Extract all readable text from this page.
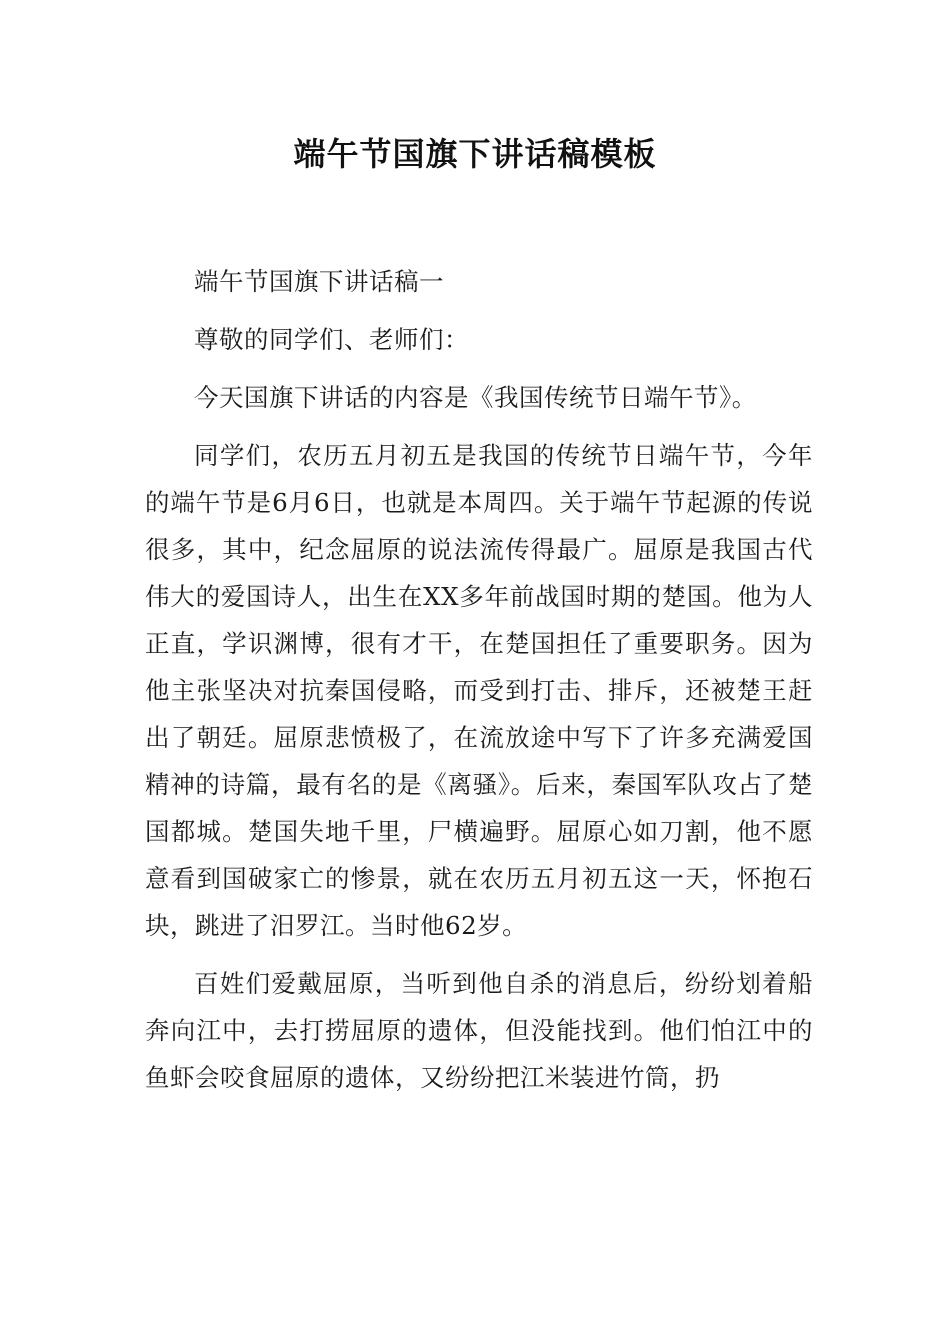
端午节国旗下讲话稿模板

端午节国旗下讲话稿一

尊敬的同学们、老师们：

今天国旗下讲话的内容是《我国传统节日端午节》。

同学们，农历五月初五是我国的传统节日端午节，今年的端午节是6月6日，也就是本周四。关于端午节起源的传说很多，其中，纪念屈原的说法流传得最广。屈原是我国古代伟大的爱国诗人，出生在XX多年前战国时期的楚国。他为人正直，学识渊博，很有才干，在楚国担任了重要职务。因为他主张坚决对抗秦国侵略，而受到打击、排斥，还被楚王赶出了朝廷。屈原悲愤极了，在流放途中写下了许多充满爱国精神的诗篇，最有名的是《离骚》。后来，秦国军队攻占了楚国都城。楚国失地千里，尸横遍野。屈原心如刀割，他不愿意看到国破家亡的惨景，就在农历五月初五这一天，怀抱石块，跳进了汨罗江。当时他62岁。

百姓们爱戴屈原，当听到他自杀的消息后，纷纷划着船奔向江中，去打捞屈原的遗体，但没能找到。他们怕江中的鱼虾会咬食屈原的遗体，又纷纷把江米装进竹筒，扔
